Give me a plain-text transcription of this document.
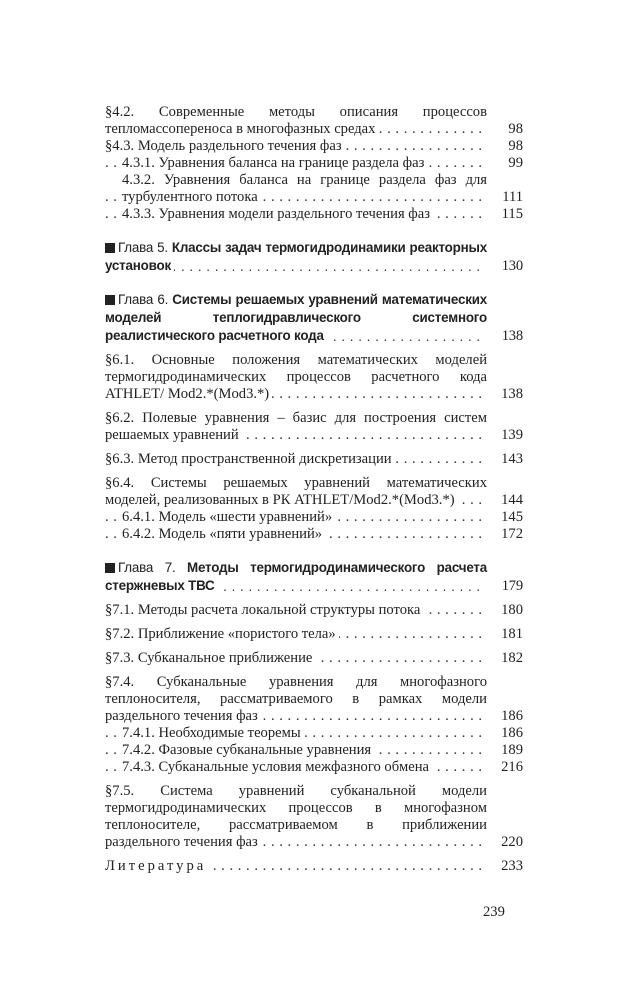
. . .
§4.2. Современные методы описания процессов тепломассопереноса в многофазных средах	98
. . .
§4.3. Модель раздельного течения фаз	98
. . .
4.3.1. Уравнения баланса на границе раздела фаз	99
. . .
4.3.2. Уравнения баланса на границе раздела фаз для турбулентного потока	111
. . .
4.3.3. Уравнения модели раздельного течения фаз	115
. . .
Глава 5. Классы задач термогидродинамики реакторных установок	130
. . .
Глава 6. Системы решаемых уравнений математических моделей теплогидравлического системного реалистического расчетного кода	138
. . .
§6.1. Основные положения математических моделей термогидродинамических процессов расчетного кода ATHLET/ Mod2.*(Mod3.*)	138
. . .
§6.2. Полевые уравнения – базис для построения систем решаемых уравнений	139
. . .
§6.3. Метод пространственной дискретизации	143
. . .
§6.4. Системы решаемых уравнений математических моделей, реализованных в РК ATHLET/Mod2.*(Mod3.*)	144
. . .
6.4.1. Модель «шести уравнений»	145
. . .
6.4.2. Модель «пяти уравнений»	172
. . .
Глава 7. Методы термогидродинамического расчета стержневых ТВС	179
. . .
§7.1. Методы расчета локальной структуры потока	180
. . .
§7.2. Приближение «пористого тела»	181
. . .
§7.3. Субканальное приближение	182
. . .
§7.4. Субканальные уравнения для многофазного теплоносителя, рассматриваемого в рамках модели раздельного течения фаз	186
. . .
7.4.1. Необходимые теоремы	186
. . .
7.4.2. Фазовые субканальные уравнения	189
. . .
7.4.3. Субканальные условия межфазного обмена	216
. . .
§7.5. Система уравнений субканальной модели термогидродинамических процессов в многофазном теплоносителе, рассматриваемом в приближении раздельного течения фаз	220
. . .
Литература	233
239
